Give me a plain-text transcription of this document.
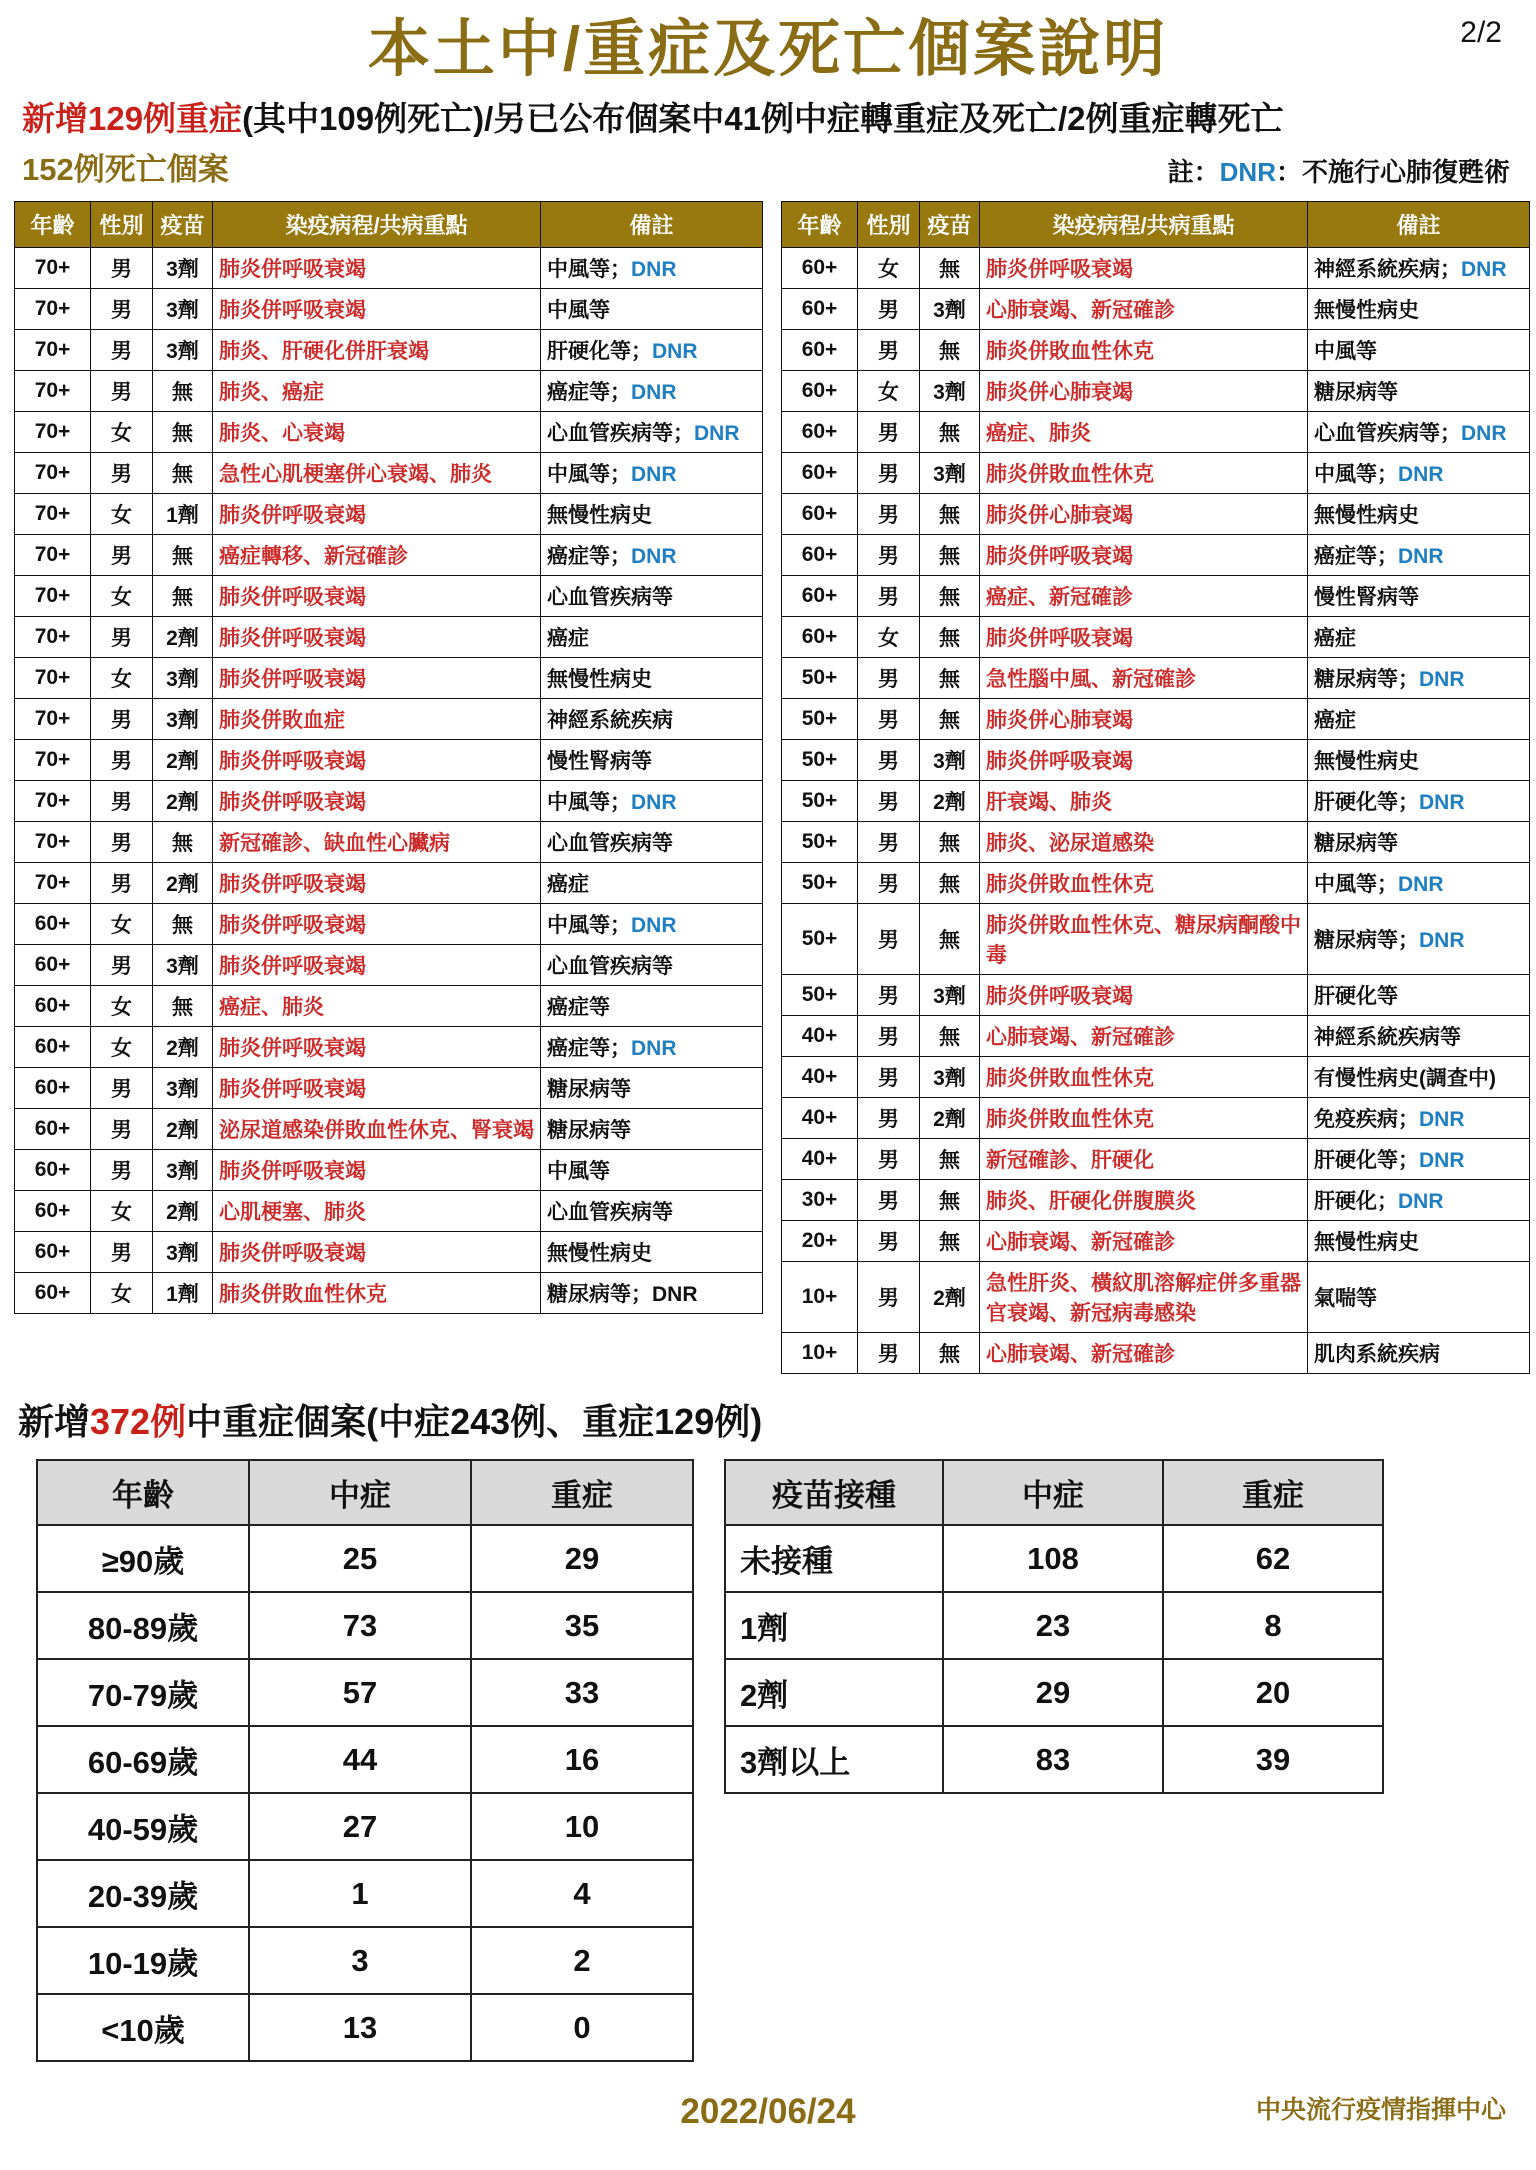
2/2
本土中/重症及死亡個案說明
新增129例重症(其中109例死亡)/另已公布個案中41例中症轉重症及死亡/2例重症轉死亡
152例死亡個案	註：DNR：不施行心肺復甦術
年齡	性別	疫苗	染疫病程/共病重點	備註
70+	男	3劑	肺炎併呼吸衰竭	中風等；DNR
70+	男	3劑	肺炎併呼吸衰竭	中風等
70+	男	3劑	肺炎、肝硬化併肝衰竭	肝硬化等；DNR
70+	男	無	肺炎、癌症	癌症等；DNR
70+	女	無	肺炎、心衰竭	心血管疾病等；DNR
70+	男	無	急性心肌梗塞併心衰竭、肺炎	中風等；DNR
70+	女	1劑	肺炎併呼吸衰竭	無慢性病史
70+	男	無	癌症轉移、新冠確診	癌症等；DNR
70+	女	無	肺炎併呼吸衰竭	心血管疾病等
70+	男	2劑	肺炎併呼吸衰竭	癌症
70+	女	3劑	肺炎併呼吸衰竭	無慢性病史
70+	男	3劑	肺炎併敗血症	神經系統疾病
70+	男	2劑	肺炎併呼吸衰竭	慢性腎病等
70+	男	2劑	肺炎併呼吸衰竭	中風等；DNR
70+	男	無	新冠確診、缺血性心臟病	心血管疾病等
70+	男	2劑	肺炎併呼吸衰竭	癌症
60+	女	無	肺炎併呼吸衰竭	中風等；DNR
60+	男	3劑	肺炎併呼吸衰竭	心血管疾病等
60+	女	無	癌症、肺炎	癌症等
60+	女	2劑	肺炎併呼吸衰竭	癌症等；DNR
60+	男	3劑	肺炎併呼吸衰竭	糖尿病等
60+	男	2劑	泌尿道感染併敗血性休克、腎衰竭	糖尿病等
60+	男	3劑	肺炎併呼吸衰竭	中風等
60+	女	2劑	心肌梗塞、肺炎	心血管疾病等
60+	男	3劑	肺炎併呼吸衰竭	無慢性病史
60+	女	1劑	肺炎併敗血性休克	糖尿病等；DNR
年齡	性別	疫苗	染疫病程/共病重點	備註
60+	女	無	肺炎併呼吸衰竭	神經系統疾病；DNR
60+	男	3劑	心肺衰竭、新冠確診	無慢性病史
60+	男	無	肺炎併敗血性休克	中風等
60+	女	3劑	肺炎併心肺衰竭	糖尿病等
60+	男	無	癌症、肺炎	心血管疾病等；DNR
60+	男	3劑	肺炎併敗血性休克	中風等；DNR
60+	男	無	肺炎併心肺衰竭	無慢性病史
60+	男	無	肺炎併呼吸衰竭	癌症等；DNR
60+	男	無	癌症、新冠確診	慢性腎病等
60+	女	無	肺炎併呼吸衰竭	癌症
50+	男	無	急性腦中風、新冠確診	糖尿病等；DNR
50+	男	無	肺炎併心肺衰竭	癌症
50+	男	3劑	肺炎併呼吸衰竭	無慢性病史
50+	男	2劑	肝衰竭、肺炎	肝硬化等；DNR
50+	男	無	肺炎、泌尿道感染	糖尿病等
50+	男	無	肺炎併敗血性休克	中風等；DNR
50+	男	無	肺炎併敗血性休克、糖尿病酮酸中毒	糖尿病等；DNR
50+	男	3劑	肺炎併呼吸衰竭	肝硬化等
40+	男	無	心肺衰竭、新冠確診	神經系統疾病等
40+	男	3劑	肺炎併敗血性休克	有慢性病史(調查中)
40+	男	2劑	肺炎併敗血性休克	免疫疾病；DNR
40+	男	無	新冠確診、肝硬化	肝硬化等；DNR
30+	男	無	肺炎、肝硬化併腹膜炎	肝硬化；DNR
20+	男	無	心肺衰竭、新冠確診	無慢性病史
10+	男	2劑	急性肝炎、橫紋肌溶解症併多重器官衰竭、新冠病毒感染	氣喘等
10+	男	無	心肺衰竭、新冠確診	肌肉系統疾病
新增372例中重症個案(中症243例、重症129例)
年齡	中症	重症
≥90歲	25	29
80-89歲	73	35
70-79歲	57	33
60-69歲	44	16
40-59歲	27	10
20-39歲	1	4
10-19歲	3	2
<10歲	13	0
疫苗接種	中症	重症
未接種	108	62
1劑	23	8
2劑	29	20
3劑以上	83	39
2022/06/24	中央流行疫情指揮中心
